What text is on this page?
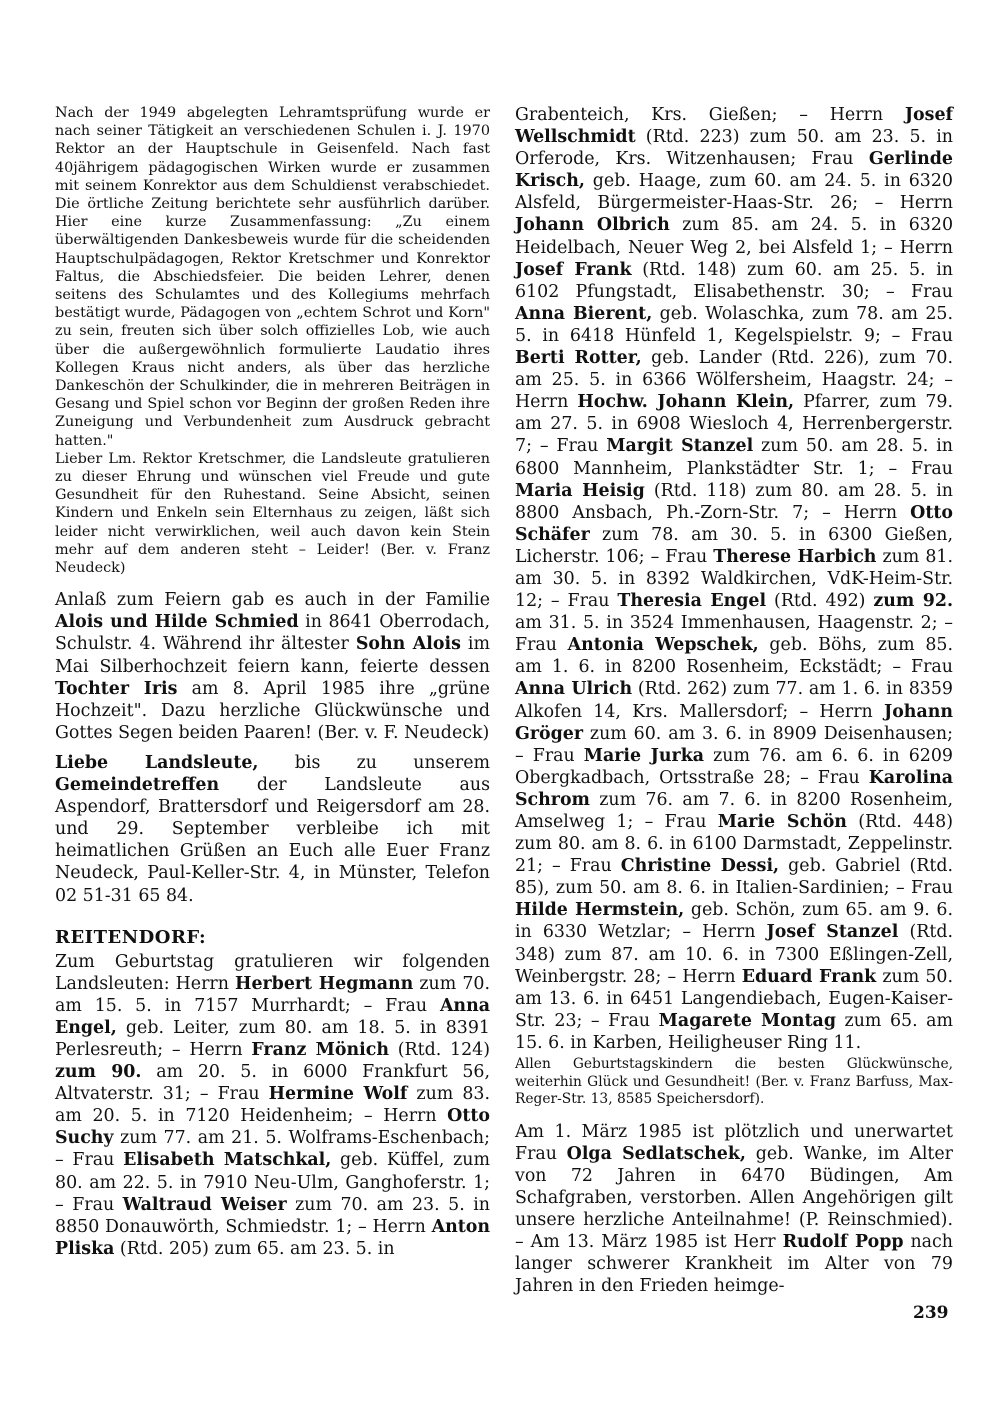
Nach der 1949 abgelegten Lehramtsprüfung wurde er nach seiner Tätigkeit an verschiedenen Schulen i. J. 1970 Rektor an der Hauptschule in Geisenfeld. Nach fast 40jährigem pädagogischen Wirken wurde er zusammen mit seinem Konrektor aus dem Schuldienst verabschiedet. Die örtliche Zeitung berichtete sehr ausführlich darüber. Hier eine kurze Zusammenfassung: „Zu einem überwältigenden Dankesbeweis wurde für die scheidenden Hauptschulpädagogen, Rektor Kretschmer und Konrektor Faltus, die Abschiedsfeier. Die beiden Lehrer, denen seitens des Schulamtes und des Kollegiums mehrfach bestätigt wurde, Pädagogen von „echtem Schrot und Korn" zu sein, freuten sich über solch offizielles Lob, wie auch über die außergewöhnlich formulierte Laudatio ihres Kollegen Kraus nicht anders, als über das herzliche Dankeschön der Schulkinder, die in mehreren Beiträgen in Gesang und Spiel schon vor Beginn der großen Reden ihre Zuneigung und Verbundenheit zum Ausdruck gebracht hatten."

Lieber Lm. Rektor Kretschmer, die Landsleute gratulieren zu dieser Ehrung und wünschen viel Freude und gute Gesundheit für den Ruhestand. Seine Absicht, seinen Kindern und Enkeln sein Elternhaus zu zeigen, läßt sich leider nicht verwirklichen, weil auch davon kein Stein mehr auf dem anderen steht – Leider! (Ber. v. Franz Neudeck)

Anlaß zum Feiern gab es auch in der Familie Alois und Hilde Schmied in 8641 Oberrodach, Schulstr. 4. Während ihr ältester Sohn Alois im Mai Silberhochzeit feiern kann, feierte dessen Tochter Iris am 8. April 1985 ihre „grüne Hochzeit". Dazu herzliche Glückwünsche und Gottes Segen beiden Paaren! (Ber. v. F. Neudeck)

Liebe Landsleute, bis zu unserem Gemeindetreffen der Landsleute aus Aspendorf, Brattersdorf und Reigersdorf am 28. und 29. September verbleibe ich mit heimatlichen Grüßen an Euch alle Euer Franz Neudeck, Paul-Keller-Str. 4, in Münster, Telefon 02 51-31 65 84.

REITENDORF:

Zum Geburtstag gratulieren wir folgenden Landsleuten: Herrn Herbert Hegmann zum 70. am 15. 5. in 7157 Murrhardt; – Frau Anna Engel, geb. Leiter, zum 80. am 18. 5. in 8391 Perlesreuth; – Herrn Franz Mönich (Rtd. 124) zum 90. am 20. 5. in 6000 Frankfurt 56, Altvaterstr. 31; – Frau Hermine Wolf zum 83. am 20. 5. in 7120 Heidenheim; – Herrn Otto Suchy zum 77. am 21. 5. Wolframs-Eschenbach; – Frau Elisabeth Matschkal, geb. Küffel, zum 80. am 22. 5. in 7910 Neu-Ulm, Ganghoferstr. 1; – Frau Waltraud Weiser zum 70. am 23. 5. in 8850 Donauwörth, Schmiedstr. 1; – Herrn Anton Pliska (Rtd. 205) zum 65. am 23. 5. in

Grabenteich, Krs. Gießen; – Herrn Josef Wellschmidt (Rtd. 223) zum 50. am 23. 5. in Orferode, Krs. Witzenhausen; Frau Gerlinde Krisch, geb. Haage, zum 60. am 24. 5. in 6320 Alsfeld, Bürgermeister-Haas-Str. 26; – Herrn Johann Olbrich zum 85. am 24. 5. in 6320 Heidelbach, Neuer Weg 2, bei Alsfeld 1; – Herrn Josef Frank (Rtd. 148) zum 60. am 25. 5. in 6102 Pfungstadt, Elisabethenstr. 30; – Frau Anna Bierent, geb. Wolaschka, zum 78. am 25. 5. in 6418 Hünfeld 1, Kegelspielstr. 9; – Frau Berti Rotter, geb. Lander (Rtd. 226), zum 70. am 25. 5. in 6366 Wölfersheim, Haagstr. 24; – Herrn Hochw. Johann Klein, Pfarrer, zum 79. am 27. 5. in 6908 Wiesloch 4, Herrenbergerstr. 7; – Frau Margit Stanzel zum 50. am 28. 5. in 6800 Mannheim, Plankstädter Str. 1; – Frau Maria Heisig (Rtd. 118) zum 80. am 28. 5. in 8800 Ansbach, Ph.-Zorn-Str. 7; – Herrn Otto Schäfer zum 78. am 30. 5. in 6300 Gießen, Licherstr. 106; – Frau Therese Harbich zum 81. am 30. 5. in 8392 Waldkirchen, VdK-Heim-Str. 12; – Frau Theresia Engel (Rtd. 492) zum 92. am 31. 5. in 3524 Immenhausen, Haagenstr. 2; – Frau Antonia Wepschek, geb. Böhs, zum 85. am 1. 6. in 8200 Rosenheim, Eckstädt; – Frau Anna Ulrich (Rtd. 262) zum 77. am 1. 6. in 8359 Alkofen 14, Krs. Mallersdorf; – Herrn Johann Gröger zum 60. am 3. 6. in 8909 Deisenhausen; – Frau Marie Jurka zum 76. am 6. 6. in 6209 Obergkadbach, Ortsstraße 28; – Frau Karolina Schrom zum 76. am 7. 6. in 8200 Rosenheim, Amselweg 1; – Frau Marie Schön (Rtd. 448) zum 80. am 8. 6. in 6100 Darmstadt, Zeppelinstr. 21; – Frau Christine Dessi, geb. Gabriel (Rtd. 85), zum 50. am 8. 6. in Italien-Sardinien; – Frau Hilde Hermstein, geb. Schön, zum 65. am 9. 6. in 6330 Wetzlar; – Herrn Josef Stanzel (Rtd. 348) zum 87. am 10. 6. in 7300 Eßlingen-Zell, Weinbergstr. 28; – Herrn Eduard Frank zum 50. am 13. 6. in 6451 Langendiebach, Eugen-Kaiser-Str. 23; – Frau Magarete Montag zum 65. am 15. 6. in Karben, Heiligheuser Ring 11.

Allen Geburtstagskindern die besten Glückwünsche, weiterhin Glück und Gesundheit! (Ber. v. Franz Barfuss, Max-Reger-Str. 13, 8585 Speichersdorf).

Am 1. März 1985 ist plötzlich und unerwartet Frau Olga Sedlatschek, geb. Wanke, im Alter von 72 Jahren in 6470 Büdingen, Am Schafgraben, verstorben. Allen Angehörigen gilt unsere herzliche Anteilnahme! (P. Reinschmied). – Am 13. März 1985 ist Herr Rudolf Popp nach langer schwerer Krankheit im Alter von 79 Jahren in den Frieden heimge-

239
